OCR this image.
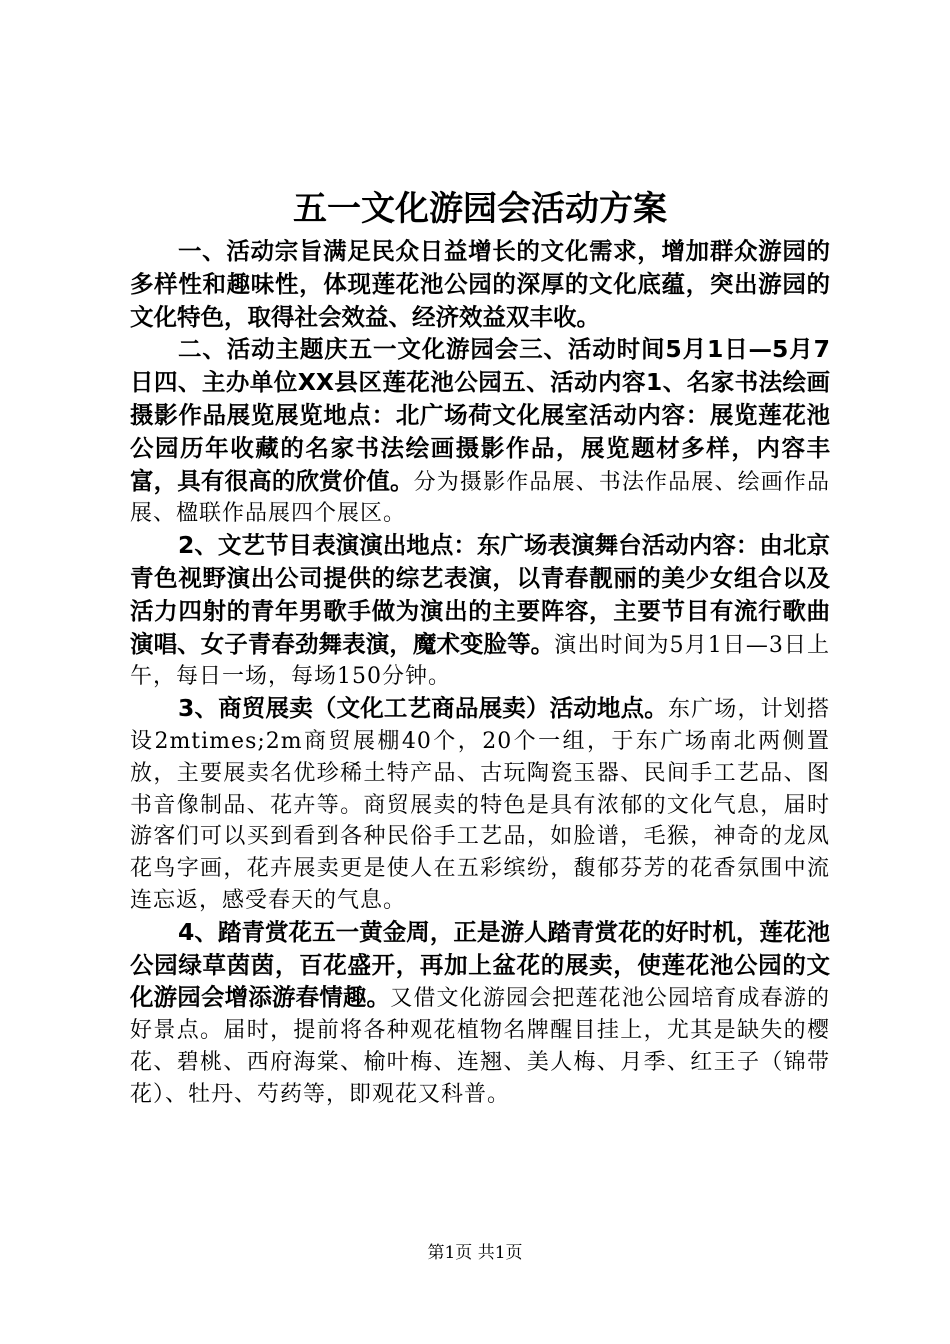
五一文化游园会活动方案

一、活动宗旨满足民众日益增长的文化需求，增加群众游园的多样性和趣味性，体现莲花池公园的深厚的文化底蕴，突出游园的文化特色，取得社会效益、经济效益双丰收。

二、活动主题庆五一文化游园会三、活动时间5月1日—5月7日四、主办单位XX县区莲花池公园五、活动内容1、名家书法绘画摄影作品展览展览地点：北广场荷文化展室活动内容：展览莲花池公园历年收藏的名家书法绘画摄影作品，展览题材多样，内容丰富，具有很高的欣赏价值。分为摄影作品展、书法作品展、绘画作品展、楹联作品展四个展区。

2、文艺节目表演演出地点：东广场表演舞台活动内容：由北京青色视野演出公司提供的综艺表演，以青春靓丽的美少女组合以及活力四射的青年男歌手做为演出的主要阵容，主要节目有流行歌曲演唱、女子青春劲舞表演，魔术变脸等。演出时间为5月1日—3日上午，每日一场，每场150分钟。

3、商贸展卖（文化工艺商品展卖）活动地点。东广场，计划搭设2mtimes;2m商贸展棚40个，20个一组，于东广场南北两侧置放，主要展卖名优珍稀土特产品、古玩陶瓷玉器、民间手工艺品、图书音像制品、花卉等。商贸展卖的特色是具有浓郁的文化气息，届时游客们可以买到看到各种民俗手工艺品，如脸谱，毛猴，神奇的龙凤花鸟字画，花卉展卖更是使人在五彩缤纷，馥郁芬芳的花香氛围中流连忘返，感受春天的气息。

4、踏青赏花五一黄金周，正是游人踏青赏花的好时机，莲花池公园绿草茵茵，百花盛开，再加上盆花的展卖，使莲花池公园的文化游园会增添游春情趣。又借文化游园会把莲花池公园培育成春游的好景点。届时，提前将各种观花植物名牌醒目挂上，尤其是缺失的樱花、碧桃、西府海棠、榆叶梅、连翘、美人梅、月季、红王子（锦带花）、牡丹、芍药等，即观花又科普。

第1页 共1页
